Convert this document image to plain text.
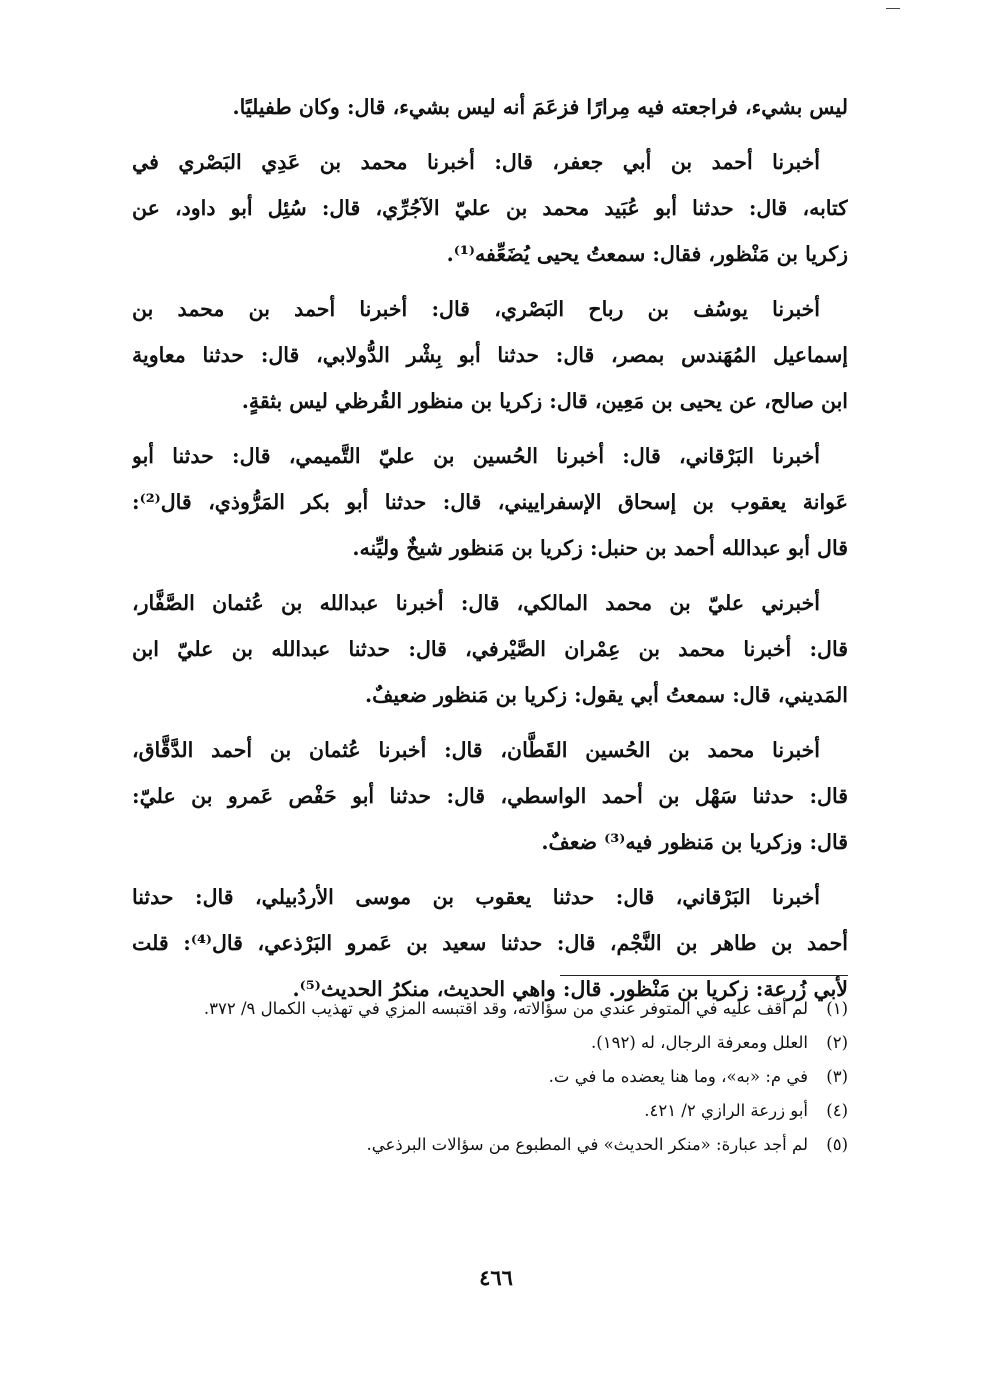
ليس بشيء، فراجعته فيه مِرارًا فزعَمَ أنه ليس بشيء، قال: وكان طفيليًا.

أخبرنا أحمد بن أبي جعفر، قال: أخبرنا محمد بن عَدِي البَصْري في
كتابه، قال: حدثنا أبو عُبَيد محمد بن عليّ الآجُرِّي، قال: سُئِل أبو داود، عن
زكريا بن مَنْظور، فقال: سمعتُ يحيى يُضَعِّفه⁽¹⁾.

أخبرنا يوسُف بن رباح البَصْري، قال: أخبرنا أحمد بن محمد بن
إسماعيل المُهَندس بمصر، قال: حدثنا أبو بِشْر الدُّولابي، قال: حدثنا معاوية
ابن صالح، عن يحيى بن مَعِين، قال: زكريا بن منظور القُرظي ليس بثقةٍ.

أخبرنا البَرْقاني، قال: أخبرنا الحُسين بن عليّ التَّميمي، قال: حدثنا أبو
عَوانة يعقوب بن إسحاق الإسفراييني، قال: حدثنا أبو بكر المَرُّوذي، قال⁽²⁾:
قال أبو عبدالله أحمد بن حنبل: زكريا بن مَنظور شيخٌ وليِّنه.

أخبرني عليّ بن محمد المالكي، قال: أخبرنا عبدالله بن عُثمان الصَّفَّار،
قال: أخبرنا محمد بن عِمْران الصَّيْرفي، قال: حدثنا عبدالله بن عليّ ابن
المَديني، قال: سمعتُ أبي يقول: زكريا بن مَنظور ضعيفٌ.

أخبرنا محمد بن الحُسين القَطَّان، قال: أخبرنا عُثمان بن أحمد الدَّقَّاق،
قال: حدثنا سَهْل بن أحمد الواسطي، قال: حدثنا أبو حَفْص عَمرو بن عليّ:
قال: وزكريا بن مَنظور فيه⁽³⁾ ضعفٌ.

أخبرنا البَرْقاني، قال: حدثنا يعقوب بن موسى الأردُبيلي، قال: حدثنا
أحمد بن طاهر بن النَّجْم، قال: حدثنا سعيد بن عَمرو البَرْذعي، قال⁽⁴⁾: قلت
لأبي زُرعة: زكريا بن مَنْظور. قال: واهي الحديث، منكرُ الحديث⁽⁵⁾.

(١)
لم أقف عليه في المتوفر عندي من سؤالاته، وقد اقتبسه المزي في تهذيب الكمال ٩/ ٣٧٢.
(٢)
العلل ومعرفة الرجال، له (١٩٢).
(٣)
في م: «به»، وما هنا يعضده ما في ت.
(٤)
أبو زرعة الرازي ٢/ ٤٢١.
(٥)
لم أجد عبارة: «منكر الحديث» في المطبوع من سؤالات البرذعي.
٤٦٦
